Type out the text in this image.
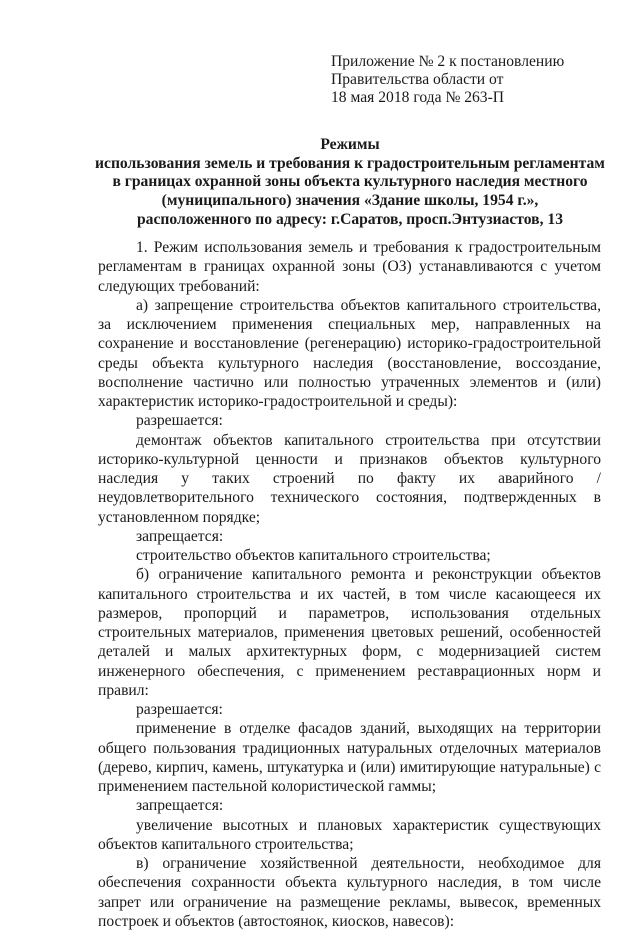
Приложение № 2 к постановлению
Правительства области от
18 мая 2018 года № 263-П
Режимы
использования земель и требования к градостроительным регламентам
в границах охранной зоны объекта культурного наследия местного
(муниципального) значения «Здание школы, 1954 г.»,
расположенного по адресу: г.Саратов, просп.Энтузиастов, 13

1. Режим использования земель и требования к градостроительным регламентам в границах охранной зоны (ОЗ) устанавливаются с учетом следующих требований:

а) запрещение строительства объектов капитального строительства, за исключением применения специальных мер, направленных на сохранение и восстановление (регенерацию) историко-градостроительной среды объекта культурного наследия (восстановление, воссоздание, восполнение частично или полностью утраченных элементов и (или) характеристик историко-градостроительной и среды):

разрешается:

демонтаж объектов капитального строительства при отсутствии историко-культурной ценности и признаков объектов культурного наследия у таких строений по факту их аварийного / неудовлетворительного технического состояния, подтвержденных в установленном порядке;

запрещается:

строительство объектов капитального строительства;

б) ограничение капитального ремонта и реконструкции объектов капитального строительства и их частей, в том числе касающееся их размеров, пропорций и параметров, использования отдельных строительных материалов, применения цветовых решений, особенностей деталей и малых архитектурных форм, с модернизацией систем инженерного обеспечения, с применением реставрационных норм и правил:

разрешается:

применение в отделке фасадов зданий, выходящих на территории общего пользования традиционных натуральных отделочных материалов (дерево, кирпич, камень, штукатурка и (или) имитирующие натуральные) с применением пастельной колористической гаммы;

запрещается:

увеличение высотных и плановых характеристик существующих объектов капитального строительства;

в) ограничение хозяйственной деятельности, необходимое для обеспечения сохранности объекта культурного наследия, в том числе запрет или ограничение на размещение рекламы, вывесок, временных построек и объектов (автостоянок, киосков, навесов):
